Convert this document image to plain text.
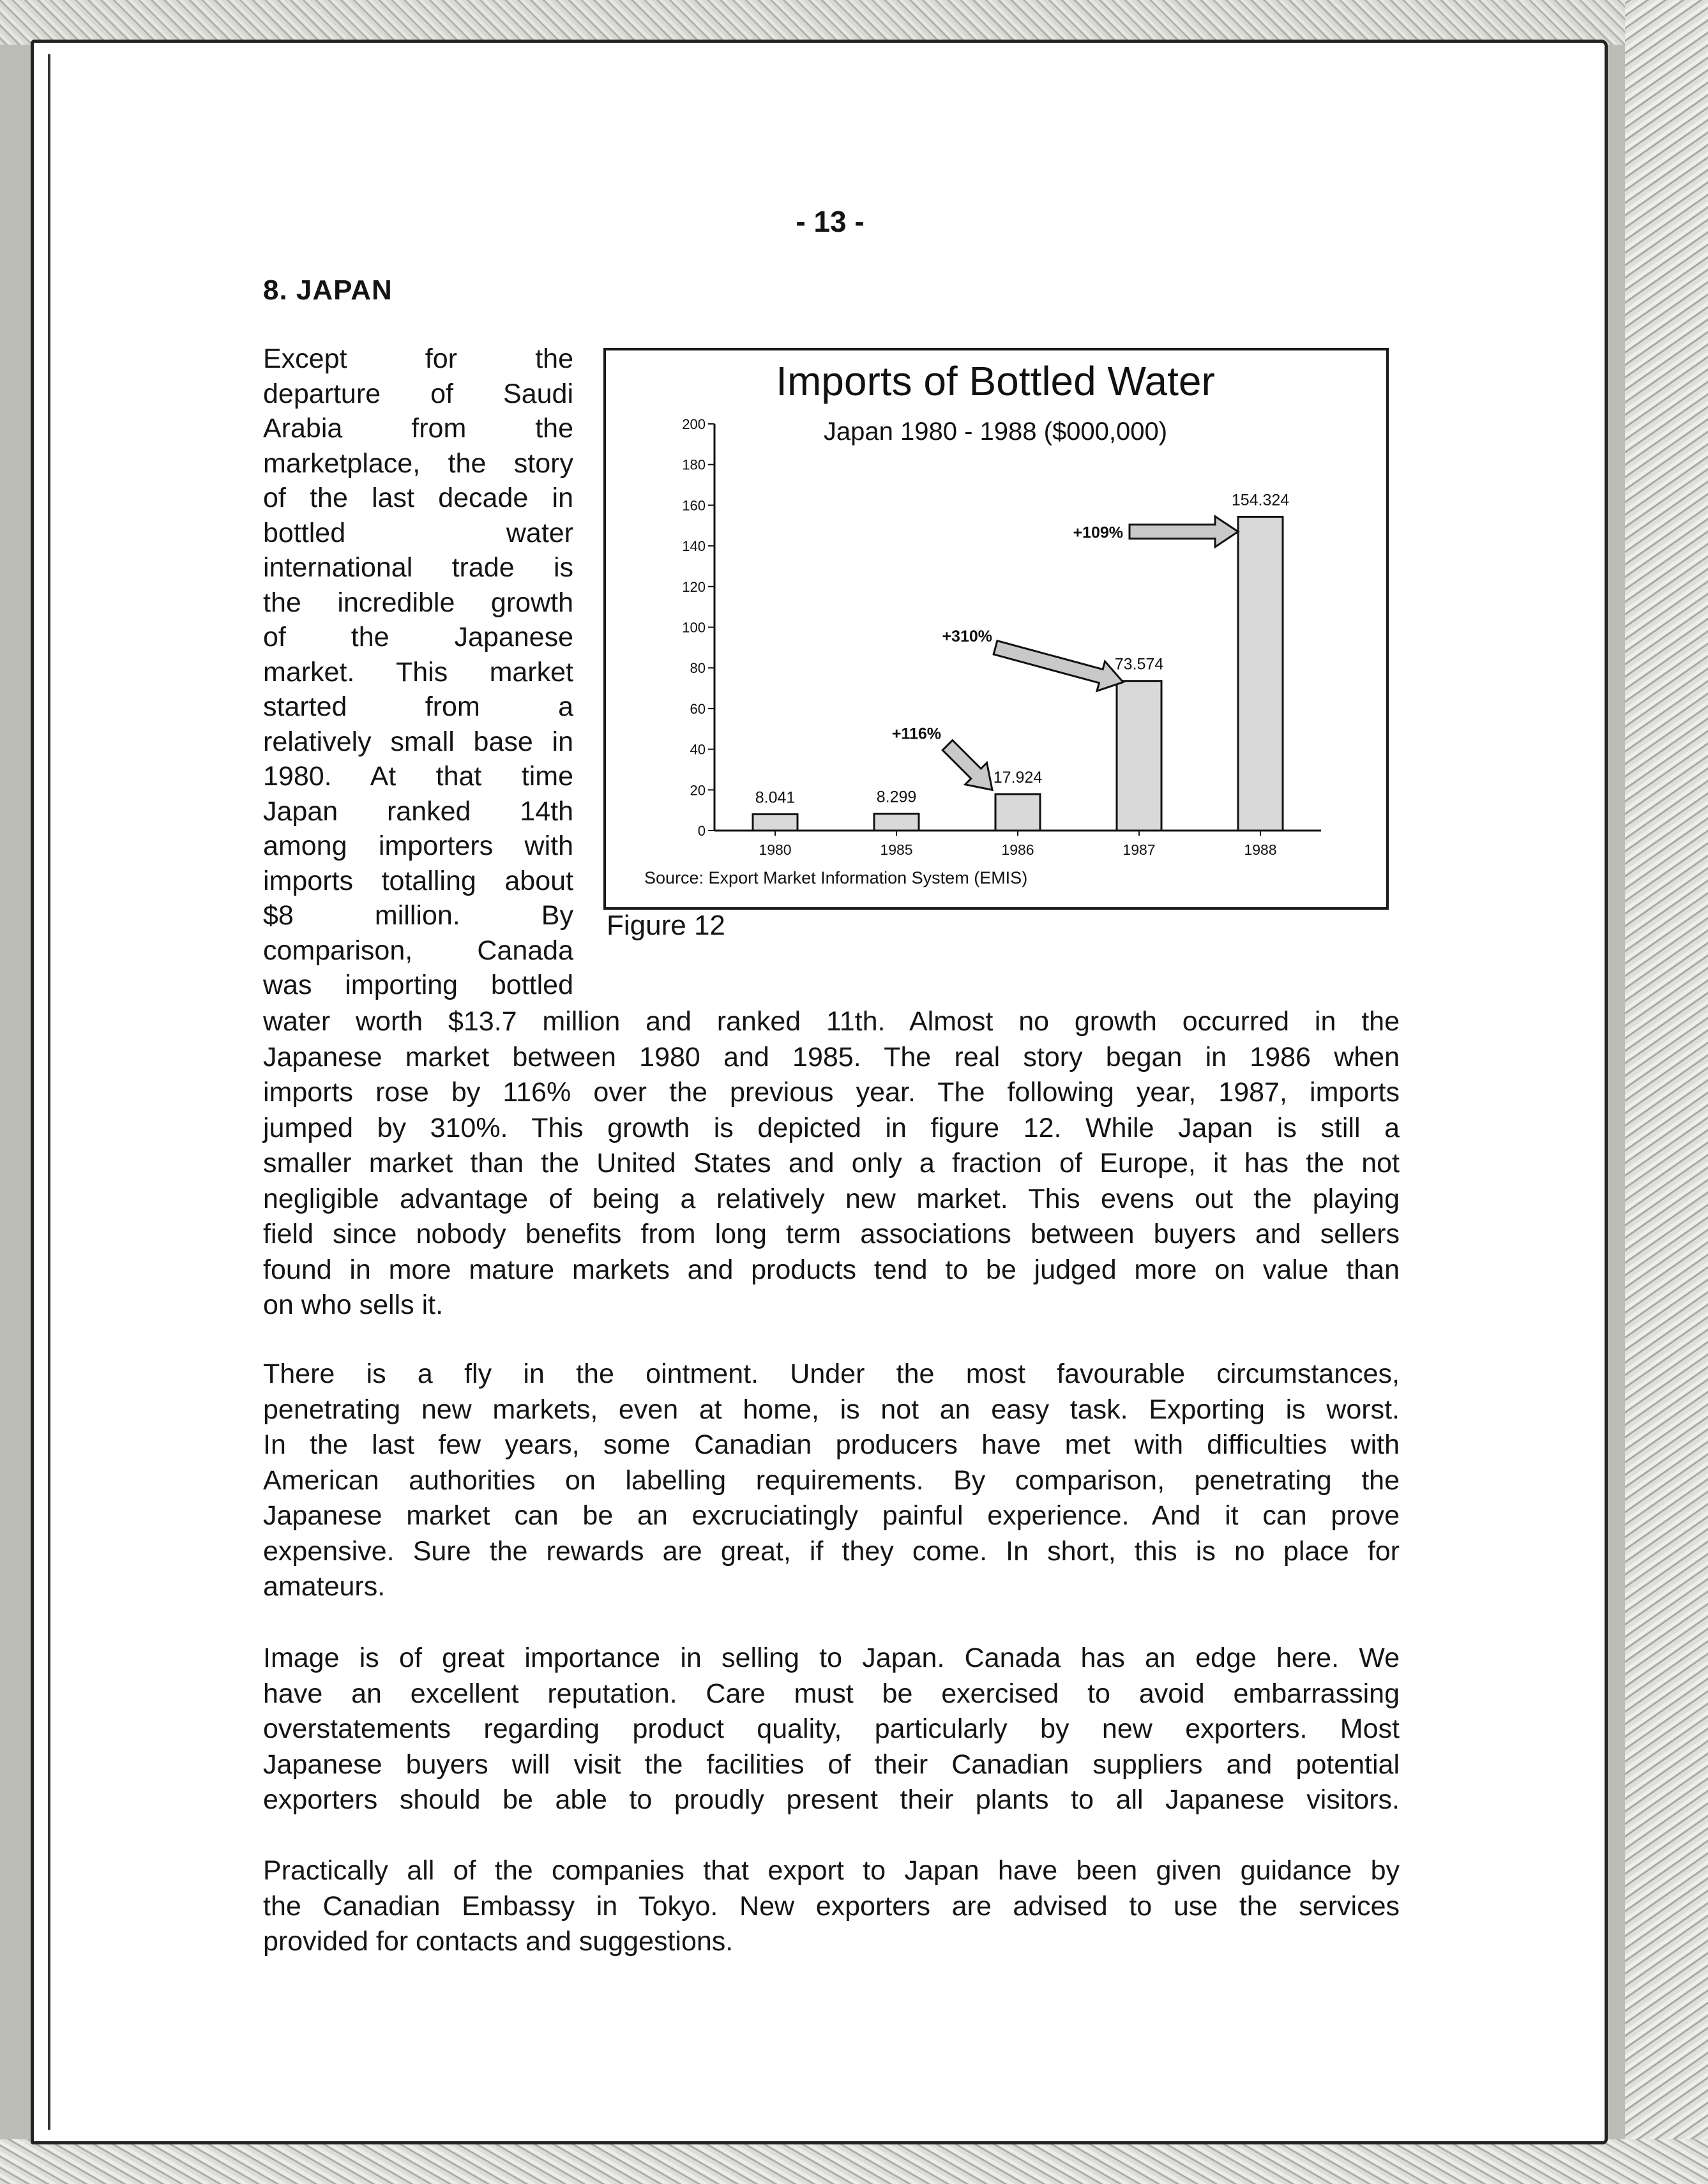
- 13 -
8. JAPAN
Except for the
departure of Saudi
Arabia from the
marketplace, the story
of the last decade in
bottled water
international trade is
the incredible growth
of the Japanese
market. This market
started from a
relatively small base in
1980. At that time
Japan ranked 14th
among importers with
imports totalling about
$8 million. By
comparison, Canada
was importing bottled
Imports of Bottled Water
Japan 1980 - 1988 ($000,000)
0
20
40
60
80
100
120
140
160
180
200
1980	1985	1986	1987	1988
8.041	8.299
17.924
73.574
154.324
+116%
+310%
+109%
Source: Export Market Information System (EMIS)
Figure 12
water worth $13.7 million and ranked 11th. Almost no growth occurred in the
Japanese market between 1980 and 1985. The real story began in 1986 when
imports rose by 116% over the previous year. The following year, 1987, imports
jumped by 310%. This growth is depicted in figure 12. While Japan is still a
smaller market than the United States and only a fraction of Europe, it has the not
negligible advantage of being a relatively new market. This evens out the playing
field since nobody benefits from long term associations between buyers and sellers
found in more mature markets and products tend to be judged more on value than
on who sells it.
There is a fly in the ointment. Under the most favourable circumstances,
penetrating new markets, even at home, is not an easy task. Exporting is worst.
In the last few years, some Canadian producers have met with difficulties with
American authorities on labelling requirements. By comparison, penetrating the
Japanese market can be an excruciatingly painful experience. And it can prove
expensive. Sure the rewards are great, if they come. In short, this is no place for
amateurs.
Image is of great importance in selling to Japan. Canada has an edge here. We
have an excellent reputation. Care must be exercised to avoid embarrassing
overstatements regarding product quality, particularly by new exporters. Most
Japanese buyers will visit the facilities of their Canadian suppliers and potential
exporters should be able to proudly present their plants to all Japanese visitors.
Practically all of the companies that export to Japan have been given guidance by
the Canadian Embassy in Tokyo. New exporters are advised to use the services
provided for contacts and suggestions.
